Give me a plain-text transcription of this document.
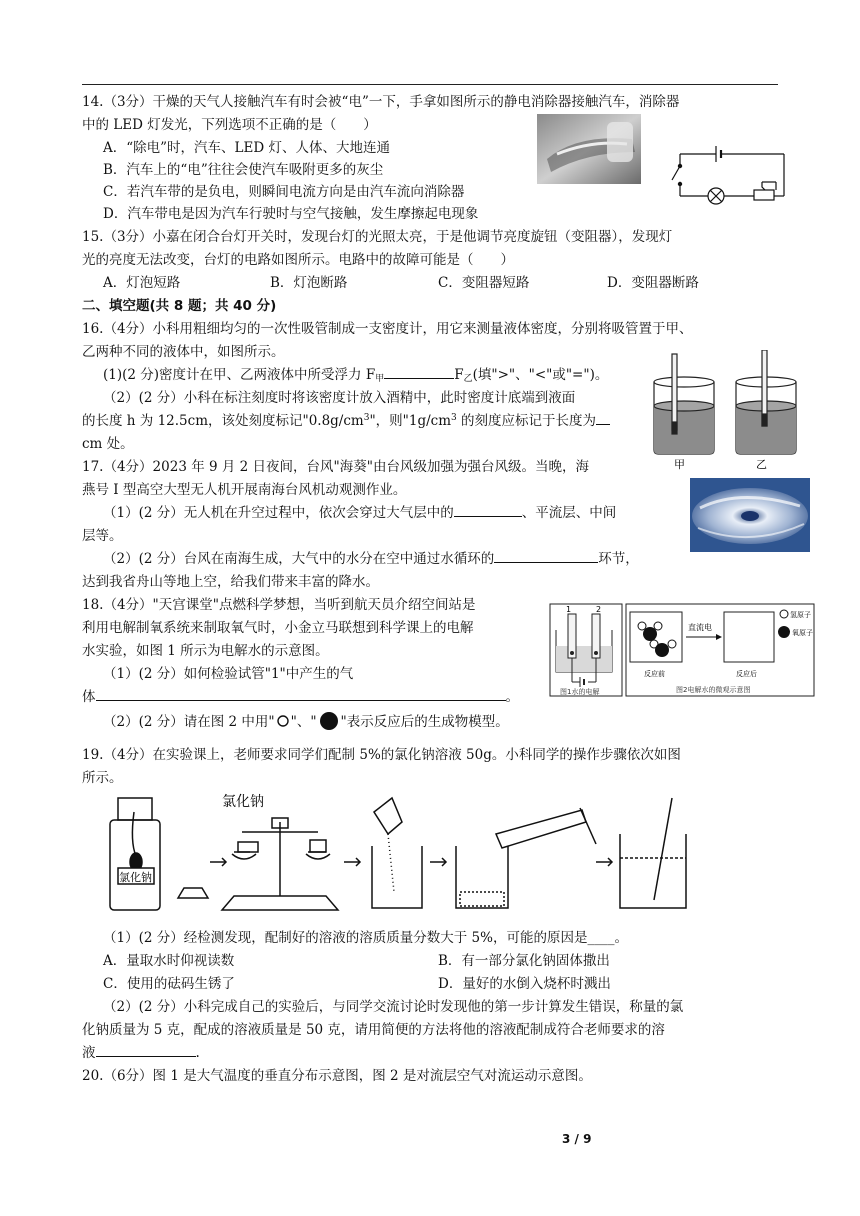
14.（3分）干燥的天气人接触汽车有时会被“电”一下，手拿如图所示的静电消除器接触汽车，消除器
中的 LED 灯发光，下列选项不正确的是（　　）
A．“除电”时，汽车、LED 灯、人体、大地连通
B．汽车上的“电”往往会使汽车吸附更多的灰尘
C．若汽车带的是负电，则瞬间电流方向是由汽车流向消除器
D．汽车带电是因为汽车行驶时与空气接触，发生摩擦起电现象
15.（3分）小嘉在闭合台灯开关时，发现台灯的光照太亮，于是他调节亮度旋钮（变阻器），发现灯
光的亮度无法改变，台灯的电路如图所示。电路中的故障可能是（　　）
A．灯泡短路	B．灯泡断路	C．变阻器短路	D．变阻器断路
二、填空题(共 8 题；共 40 分)
16.（4分）小科用粗细均匀的一次性吸管制成一支密度计，用它来测量液体密度，分别将吸管置于甲、
乙两种不同的液体中，如图所示。
(1)(2 分)密度计在甲、乙两液体中所受浮力 $F_甲$	$F_乙$(填">"、"<"或"=")。
（2）(2 分）小科在标注刻度时将该密度计放入酒精中，此时密度计底端到液面
的长度 h 为 12.5cm，该处刻度标记"$0.8g/cm^3$"，则"$1g/cm^3$ 的刻度应标记于长度为
cm 处。
甲	乙
17.（4分）2023 年 9 月 2 日夜间，台风"海葵"由台风级加强为强台风级。当晚，海
燕号 I 型高空大型无人机开展南海台风机动观测作业。
（1）(2 分）无人机在升空过程中，依次会穿过大气层中的	、平流层、中间
层等。
（2）(2 分）台风在南海生成，大气中的水分在空中通过水循环的	环节，
达到我省舟山等地上空，给我们带来丰富的降水。
18.（4分）"天宫课堂"点燃科学梦想，当听到航天员介绍空间站是
利用电解制氧系统来制取氧气时，小金立马联想到科学课上的电解
水实验，如图 1 所示为电解水的示意图。
（1）(2 分）如何检验试管"1"中产生的气
体	。
（2）(2 分）请在图 2 中用" "、" "表示反应后的生成物模型。
1	2
图1水的电解
直流电
反应前	反应后
图2电解水的微观示意图
氢原子
氧原子
19.（4分）在实验课上，老师要求同学们配制 5%的氯化钠溶液 50g。小科同学的操作步骤依次如图
所示。
氯化钠
氯化钠
（1）(2 分）经检测发现，配制好的溶液的溶质质量分数大于 5%，可能的原因是____。
A．量取水时仰视读数	B．有一部分氯化钠固体撒出
C．使用的砝码生锈了	D．量好的水倒入烧杯时溅出
（2）(2 分）小科完成自己的实验后，与同学交流讨论时发现他的第一步计算发生错误，称量的氯
化钠质量为 5 克，配成的溶液质量是 50 克，请用简便的方法将他的溶液配制成符合老师要求的溶
液	.
20.（6分）图 1 是大气温度的垂直分布示意图，图 2 是对流层空气对流运动示意图。
3 / 9
